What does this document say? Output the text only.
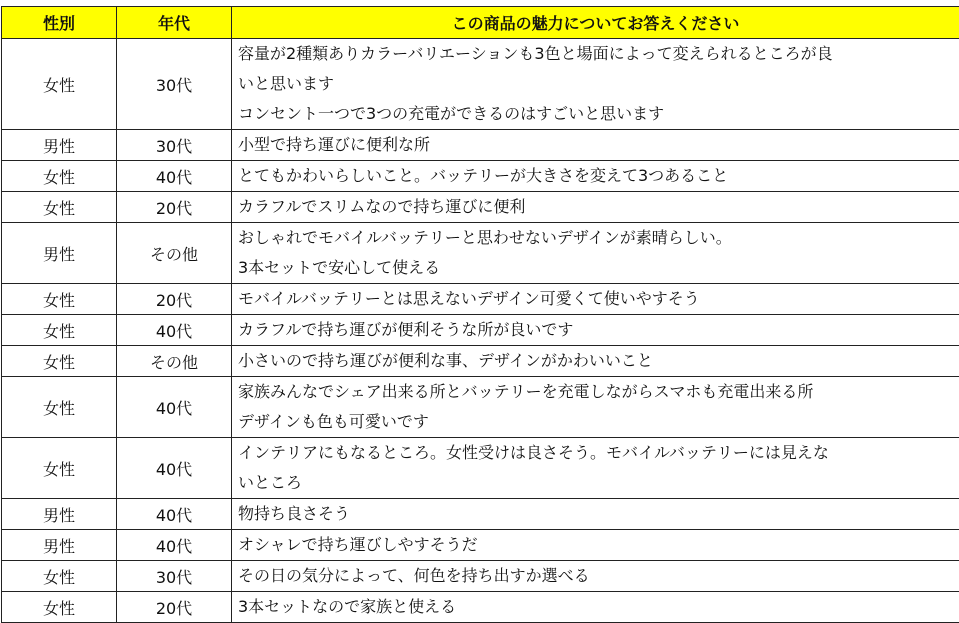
性別	年代	この商品の魅力についてお答えください
女性	30代	容量が2種類ありカラーバリエーションも3色と場面によって変えられるところが良
いと思います
コンセント一つで3つの充電ができるのはすごいと思います

男性	30代	小型で持ち運びに便利な所

女性	40代	とてもかわいらしいこと。バッテリーが大きさを変えて3つあること

女性	20代	カラフルでスリムなので持ち運びに便利

男性	その他	おしゃれでモバイルバッテリーと思わせないデザインが素晴らしい。
3本セットで安心して使える

女性	20代	モバイルバッテリーとは思えないデザイン可愛くて使いやすそう

女性	40代	カラフルで持ち運びが便利そうな所が良いです

女性	その他	小さいので持ち運びが便利な事、デザインがかわいいこと

女性	40代	家族みんなでシェア出来る所とバッテリーを充電しながらスマホも充電出来る所
デザインも色も可愛いです

女性	40代	インテリアにもなるところ。女性受けは良さそう。モバイルバッテリーには見えな
いところ

男性	40代	物持ち良さそう

男性	40代	オシャレで持ち運びしやすそうだ

女性	30代	その日の気分によって、何色を持ち出すか選べる

女性	20代	3本セットなので家族と使える
